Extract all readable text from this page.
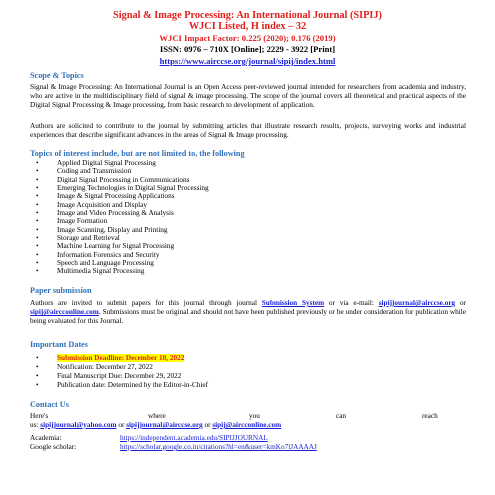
Signal & Image Processing: An International Journal (SIPIJ)
WJCI Listed, H index – 32
WJCI Impact Factor: 0.225 (2020); 0.176 (2019)
ISSN: 0976 – 710X [Online]; 2229 - 3922 [Print]
https://www.airccse.org/journal/sipij/index.html
Scope & Topics
Signal & Image Processing: An International Journal is an Open Access peer-reviewed journal intended for researchers from academia and industry, who are active in the multidisciplinary field of signal & image processing. The scope of the journal covers all theoretical and practical aspects of the Digital Signal Processing & Image processing, from basic research to development of application.
Authors are solicited to contribute to the journal by submitting articles that illustrate research results, projects, surveying works and industrial experiences that describe significant advances in the areas of Signal & Image processing.
Topics of interest include, but are not limited to, the following
• Applied Digital Signal Processing
• Coding and Transmission
• Digital Signal Processing in Communications
• Emerging Technologies in Digital Signal Processing
• Image & Signal Processing Applications
• Image Acquisition and Display
• Image and Video Processing & Analysis
• Image Formation
• Image Scanning, Display and Printing
• Storage and Retrieval
• Machine Learning for Signal Processing
• Information Forensics and Security
• Speech and Language Processing
• Multimedia Signal Processing
Paper submission
Authors are invited to submit papers for this journal through journal Submission System or via e-mail: sipijjournal@airccse.org or sipij@aircconline.com. Submissions must be original and should not have been published previously or be under consideration for publication while being evaluated for this Journal.
Important Dates
• Submission Deadline: December 10, 2022
• Notification: December 27, 2022
• Final Manuscript Due: December 29, 2022
• Publication date: Determined by the Editor-in-Chief
Contact Us
Here's	where	you	can	reach
us: sipijjournal@yahoo.com or sipijjournal@airccse.org or sipij@aircconline.com
Academia:	https://independent.academia.edu/SIPIJJOURNAL
Google scholar:	https://scholar.google.co.in/citations?hl=en&user=kmKo7lJAAAAJ
